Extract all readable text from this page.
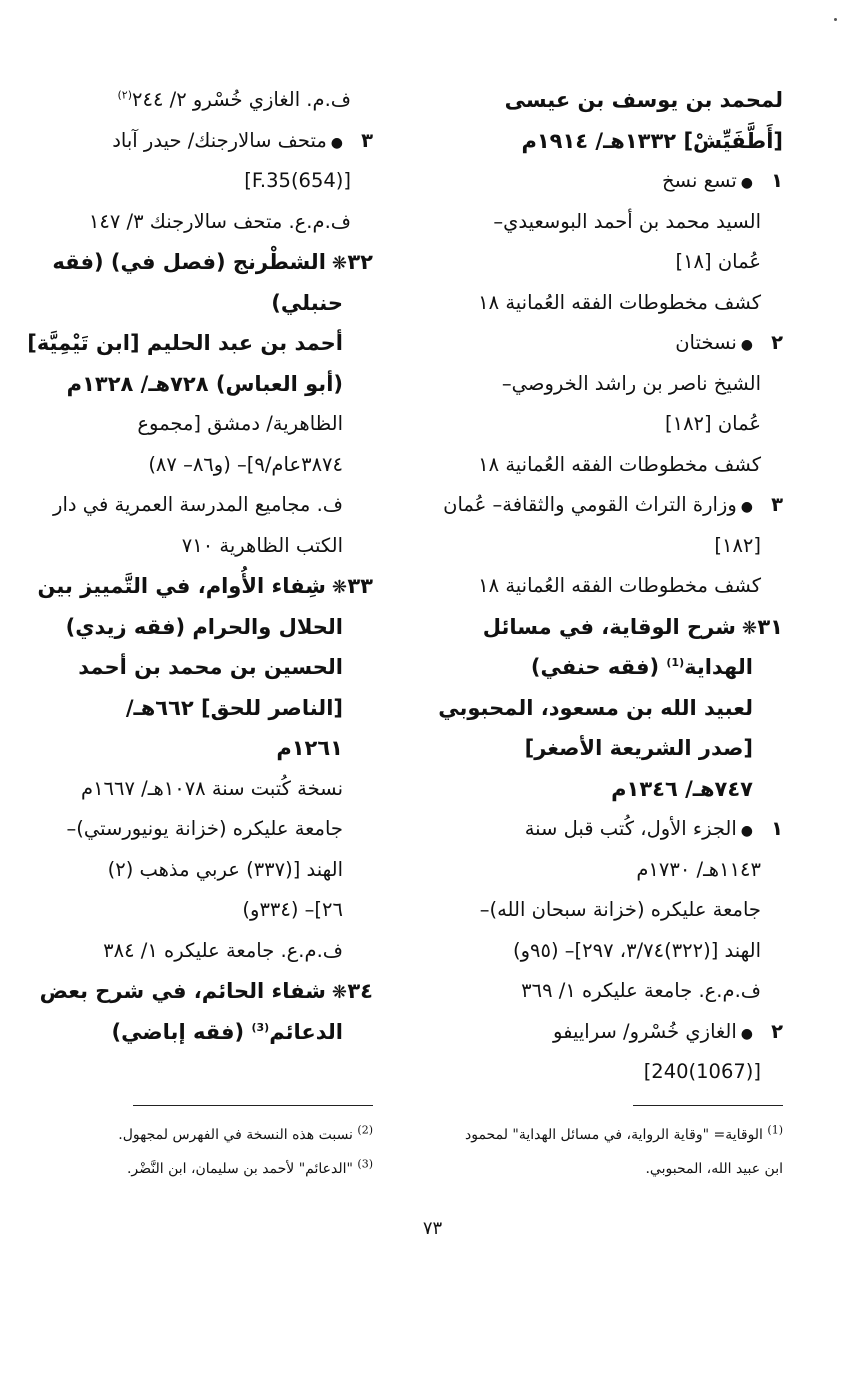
لمحمد بن يوسف بن عيسى
[أَطَّفَيِّشْ] ١٣٣٢هـ/ ١٩١٤م
١●تسع نسخ
السيد محمد بن أحمد البوسعيدي–
عُمان [١٨]
كشف مخطوطات الفقه العُمانية ١٨
٢●نسختان
الشيخ ناصر بن راشد الخروصي–
عُمان [١٨٢]
كشف مخطوطات الفقه العُمانية ١٨
٣●وزارة التراث القومي والثقافة– عُمان
[١٨٢]
كشف مخطوطات الفقه العُمانية ١٨
٣١❋شرح الوقاية، في مسائل
الهداية$^{(1)}$ (فقه حنفي)
لعبيد الله بن مسعود، المحبوبي
[صدر الشريعة الأصغر]
٧٤٧هـ/ ١٣٤٦م
١●الجزء الأول، كُتب قبل سنة
١١٤٣هـ/ ١٧٣٠م
جامعة عليكره (خزانة سبحان الله)–
الهند [(٣٢٢)٣/٧٤، ٢٩٧]– (٩٥و)
ف.م.ع. جامعة عليكره ١/ ٣٦٩
٢●الغازي خُسْرو/ سراييفو
[(1067)240]
ف.م. الغازي خُسْرو ٢/ ٢٤٤$^{(٢)}$
٣●متحف سالارجنك/ حيدر آباد
[(654)F.35]
ف.م.ع. متحف سالارجنك ٣/ ١٤٧
٣٢❋الشطْرنج (فصل في) (فقه
حنبلي)
أحمد بن عبد الحليم [ابن تَيْمِيَّة]
(أبو العباس) ٧٢٨هـ/ ١٣٢٨م
الظاهرية/ دمشق [مجموع
٣٨٧٤عام/٩]– (و٨٦– ٨٧)
ف. مجاميع المدرسة العمرية في دار
الكتب الظاهرية ٧١٠
٣٣❋شِفاء الأُوام، في التَّمييز بين
الحلال والحرام (فقه زيدي)
الحسين بن محمد بن أحمد
[الناصر للحق] ٦٦٢هـ/
١٢٦١م
نسخة كُتبت سنة ١٠٧٨هـ/ ١٦٦٧م
جامعة عليكره (خزانة يونيورستي)–
الهند [(٣٣٧) عربي مذهب (٢)
٢٦]– (٣٣٤و)
ف.م.ع. جامعة عليكره ١/ ٣٨٤
٣٤❋شفاء الحائم، في شرح بعض
الدعائم$^{(3)}$ (فقه إباضي)
$^{(1)}$ الوقاية= "وقاية الرواية، في مسائل الهداية" لمحمود
ابن عبيد الله، المحبوبي.
$^{(2)}$ نسبت هذه النسخة في الفهرس لمجهول.
$^{(3)}$ "الدعائم" لأحمد بن سليمان، ابن النَّضْر.
٧٣
